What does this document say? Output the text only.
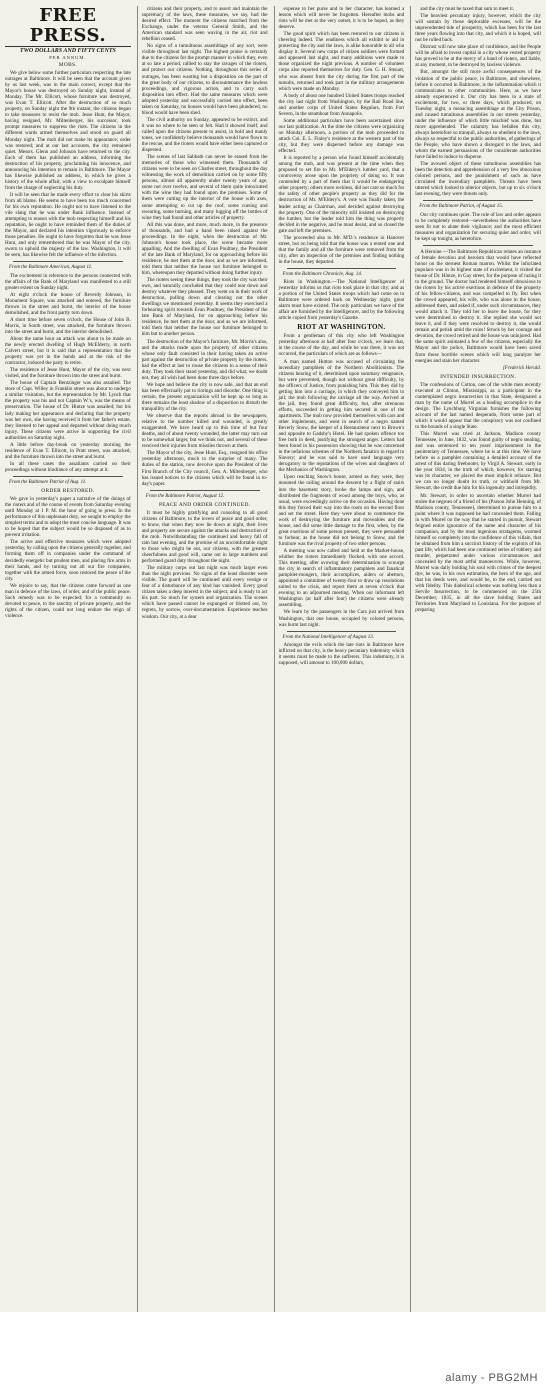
FREE PRESS.
TWO DOLLARS AND FIFTY CENTS
PER ANNUM.
MOBS.

We give below some further particulars respecting the late outrages at Baltimore. It will be seen that the account given by us last week, was in the main correct, except that the Mayor's house was destroyed on Sunday night, instead of Monday. The Mr. Ellicott, whose furniture was destroyed, was Evan T. Ellicott. After the destruction of so much property, on Sunday night the 9th instant, the citizens began to take measures to resist the mob. Jesse Hunt, the Mayor, having resigned, Mr. Miltenberger, his successor, took prompt measures to suppress the riots. The citizens in the different wards armed themselves and stood on guard all Monday night. The mob did not make its appearance; order was restored; and at our last accounts, the city remained quiet. Messrs. Glenn and Johnson have returned to the city. Each of them has published an address, informing the destruction of his property, proclaiming his innocence, and announcing his intention to remain in Baltimore. The Mayor has likewise published an address, in which he gives a history of the whole affair, with a view to exculpate himself from the charge of neglecting his duty.

It will be seen that he made every effort to clear his skirts from all blame. He seems to have been too much concerned for his own reputation. He ought not to have listened to the vile slang that he was under Bank influence. Instead of attempting to reason with the mob respecting himself and his reputation, he ought to have reminded them of the duties of the Mayor, and declared his intention vigorously to enforce those penalties. He ought to have forgotten that he was Jesse Hunt, and only remembered that he was Mayor of the city, sworn to uphold the majesty of the law. Washington, it will be seen, has likewise felt the influence of the infection.

From the Baltimore American, August 11.

The excitement in reference to the persons connected with the affairs of the Bank of Maryland was manifested to a still greater extent on Sunday night.

At eight o'clock the house of Reverdy Johnson, in Monument Square, was attacked and entered, the furniture thrown in the street and burnt, the interior of the house demolished, and the front partly torn down.

A short time before seven o'clock, the House of John B. Morris, in South street, was attacked, the furniture thrown into the street and burnt, and the interior demolished.

About the same hour an attack was about to be made on the newly erected dwelling of Hugh McElderry, in north Calvert street, but it is said that a representation that the property was yet in the hands and at the risk of the contractor, induced the party to retire.

The residence of Jesse Hunt, Mayor of the city, was next visited, and the furniture thrown into the street and burnt.

The house of Captain Bentzinger was also assailed. The store of Capt. Willey in Franklin street was about to undergo a similar visitation, but the representation by Mr. Lynch that the property was his and not Captain W.'s, was the means of preservation. The house of Dr. Hintze was assailed; but his lady making her appearance and declaring that the property was her own, she having received it from her father's estate, they listened to her appeal and departed without doing much injury. These citizens were active in supporting the civil authorities on Saturday night.

A little before day-break on yesterday morning the residence of Evan T. Ellicott, in Pratt street, was attacked, and the furniture thrown into the street and burnt.

In all these cases the assailants carried on their proceedings without hindrance of any attempt at it.

From the Baltimore Patriot of Aug. 11.
ORDER RESTORED.

We gave in yesterday's paper a narrative of the doings of the rioters and of the course of events from Saturday evening until Monday at 1 P. M. the hour of going to press. In the performance of this unpleasant duty, we sought to employ the simplest terms and to adopt the most concise language. It was to be hoped that the subject would be so disposed of as to prevent irritation.

The active and effective measures which were adopted yesterday, by calling upon the citizens generally together, and forming them off in companies under the command of decidedly energetic but prudent men, and placing fire arms in their hands, and by turning out all our fire companies, together with the armed force, soon restored the peace of the city.

We rejoice to say, that the citizens came forward as one man in defence of the laws, of order, and of the public peace. Such remedy was to be expected; for a community so devoted to peace, to the sanctity of private property, and the rights of the citizen, could not long endure the reign of violence.

citizens and their property, and to assert and maintain the supremacy of the laws, these measures, we say, had the desired effect. The moment the citizens marched from the Exchange, under the veteran General Smith, and the American standard was seen waving in the air, riot and rebellion ceased.

No signs of a tumultuous assemblage of any sort, were visible throughout last night. The highest praise is certainly due to the citizens for the prompt manner in which they, even at so late a period, rallied to stay the ravages of the rioters, and protect our citizens. Nothing, throughout this series of outrages, has been wanting but a disposition on the part of the great body of our citizens, to discountenance the lawless proceedings, and vigorous action, and to carry such disposition into effect. Had the same measures which were adopted yesterday and successfully carried into effect, been taken on Saturday, no houses would have been plundered, no blood would have been shed.

The civil authority on Sunday, appeared to be extinct, and it was no where to be seen or felt. Had it showed itself, and called upon the citizens present to assist, in bold and manly tones, we confidently believe thousands would have flown to the rescue, and the rioters would have either been captured or dispersed.

The scenes of last Sabbath can never be erased from the memories of those who witnessed them. Thousands of citizens were to be seen on Charles street, throughout the day witnessing the work of demolition carried on by some fifty persons, almost all apparently under twenty years of age, some not over twelve, and several of them quite intoxicated with the wine they had found upon the premises. Some of them were cutting up the interior of the house with axes, some attempting to cut up the roof, some cursing and swearing, some burning, and many lugging off the bottles of wine they had found and other articles of property.

All this was done, and more, much more, in the presence of thousands, and had a hand been raised against the proceedings. In the night, when the destruction of Mr. Johnson's house took place, the scene became more appalling. And the dwelling of Evan Poultney, the President of the late Bank of Maryland, for on approaching before his residence, he met them at the door, and as we are informed, told them that neither the house nor furniture belonged to him, whereupon they departed without doing further injury.

The rioters seeing these things, they took the city was their own, and naturally concluded that they could tear down and destroy whatever they pleased. They went on in their work of destruction, pulling down and clearing out the other dwellings we mentioned yesterday. It seems they exercised a forbearing spirit towards Evan Poultney, the President of the late Bank of Maryland, for on approaching before his residence, he met them at the door, and as we are informed, told them that neither the house nor furniture belonged to him but to another person.

The destruction of the Mayor's furniture, Mr. Morris's also, and the attacks made upon the property of other citizens whose only fault consisted in their having taken an active part against the destruction of private property by the rioters, had the effect at last to rouse the citizens to a sense of their duty. They took their stand yesterday, and did what, we doubt not, they all wish had been done three days before.

We hope and believe the city is now safe, and that an end has been effectually put to riotings and disorder. One thing is certain, the present organization will be kept up so long as there remains the least shadow of a disposition to disturb the tranquillity of the city.

We observe that the reports abroad in the newspapers, relative to the number killed and wounded, is greatly exaggerated. We have heard up to this time of but four deaths, and of about twenty wounded, the latter may turn out to be somewhat larger, but we think not, and several of these received their injuries from missiles thrown at them.

The Mayor of the city, Jesse Hunt, Esq., resigned his office yesterday afternoon, much to the surprise of many. The duties of the station, now devolve upon the President of the First Branch of the City council, Gen. A. Miltenberger, who has issued notices to the citizens which will be found in to-day's paper.

From the Baltimore Patriot, August 12.
PEACE AND ORDER CONTINUED.

It must be highly gratifying and consoling to all good citizens of Baltimore, to the lovers of peace and good order, to know, that when they now lie down at night, their lives and property are secure against the attacks and destruction of the mob. Notwithstanding the continued and heavy fall of rain last evening, and the promise of an uncomfortable night to those who might be out, our citizens, with the greatest cheerfulness and good will, came out in large numbers and performed guard duty throughout the night.

The military corps out last night was much larger even than the night previous. No signs of the least disorder were visible. The guard will be continued until every vestige or fear of a disturbance of any kind has vanished. Every good citizen takes a deep interest in the subject, and is ready to act his part. So much for system and organization. The scenes which have passed cannot be expunged or blotted out, by regrets, by sorrow, over-documentation. Experience teaches wisdom. Our city, at a dear

expense to her purse and to her character, has learned a lesson which will never be forgotten. Hereafter mobs and riots will be met at the very outset, it is to be hoped, as they deserve.

The good spirit which has been restored to our citizens is cheering indeed. The readiness which all exhibit to aid in protecting the city and the laws, is alike honorable to all who display it. Several new corps of citizen soldiers were formed and appeared last night, and many additions were made to those organized the night previous. A number of volunteer corps also reported themselves for duty. Gen. G. H. Steuart, who was absent from the city during the first part of the tumults, returned and took part in the military arrangements which were made on Monday.

A body of about one hundred United States troops reached the city last night from Washington, by the Rail Road line, and another corps of United States Regulars, from Fort Severn, in the steamboat from Annapolis.

Some additional particulars have been ascertained since our last publication. At the time the citizens were organizing on Monday afternoon, a portion of the mob proceeded to attack Col. E. L. Finley's residence at the western part of the city, but they were dispersed before any damage was effected.

It is reported by a person who found himself accidentally among the mob, and was present at the time when they proposed to set fire to Mr. M'Eldery's lumber yard, that a controversy arose upon the propriety of doing so. It was contended by a part of them that it would be endangering other property; others more reckless, did not care so much for the safety of other people's property as they did for the destruction of Mr. M'Eldery's. A vote was finally taken, the leader acting as Chairman, and decided against destroying the property. One of the minority still insisted on destroying the lumber, but the leader told him the thing was properly decided in the negative, and he must desist, and so closed the gate and left the premises.

The proceeded also to Mr. M'D.'s residence in Hanover street, but on being told that the house was a rented one and that the family and all the furniture were removed from the city, after an inspection of the premises and finding nothing in the house, they departed.

From the Baltimore Chronicle, Aug. 14.

Riots in Washington.—The National Intelligencer of yesterday informs us that riots took place in that city; and as a portion of the United States troops which had come on to Baltimore were ordered back on Wednesday night, great alarm must have existed. The only particulars we have of the affair are furnished by the Intelligencer, and by the following article copied from yesterday's Gazette.

RIOT AT WASHINGTON.

From a gentleman of this city who left Washington yesterday afternoon at half after four o'clock, we learn that, in the course of the day, and while he was there, it was not occurred, the particulars of which are as follows—

A man named Hutton was accused of circulating the incendiary pamphlets of the Northern Abolitionists. The citizens hearing of it, determined upon summary vengeance, but were prevented, though not without great difficulty, by the officers of Justice, from punishing him. This they did by getting him into a carriage, in which they conveyed him to jail; the mob following the carriage all the way. Arrived at the jail, they found great difficulty, but, after strenuous efforts, succeeded in getting him secured in one of the apartments. The mob now provided themselves with cars and other implements, and went in search of a negro named Beverly Snow, the keeper of a Restaurateur next to Brown's and opposite to Gadsby's Hotel. He had spoken offence too free both in deed, justifying the strongest anger. Letters had been found in his possession showing that he was concerned in the nefarious schemes of the Northern fanatics in regard to Slavery; and he was said to have used language very derogatory to the reputations of the wives and daughters of the Mechanics of Washington.

Upon reaching Snow's house, armed as they were, they mounted the railing around the descent by a flight of stairs into the basement story, broke the lamps and sign, and distributed the fragments of wood among the boys, who, as usual, were exceedingly active on the occasion. Having done this they forced their way into the room on the second floor and set the street. Here they were about to commence the work of destroying the furniture and moveables and the house, and did some little damage to the first, when, by the great exertions of some person present, they were persuaded to forbear, as the house did not belong to Snow, and the furniture was the rival property of two other persons.

A meeting was now called and held at the Market-house, whither the rioters immediately flocked, with one accord. This meeting, after avowing their determination to scourge the city in search of inflammatory pamphlets and fanatical pamphlet-mongers, their accomplices, aiders or abettors, appointed a committee of twenty-four to draw up resolutions suited to the crisis, and report them at seven o'clock that evening to an adjourned meeting. When our informant left Washington (at half after four) the citizens were already assembling.

We learn by the passengers in the Cars just arrived from Washington, that one house, occupied by colored persons, was burnt last night.

From the National Intelligencer of August 13.

Amongst the evils which the late riots in Baltimore have inflicted on that city, is the heavy pecuniary indemnity which it seems must be made to the sufferers. This indemnity, it is supposed, will amount to 100,000 dollars,

and the city must be taxed that sum to meet it.

The heaviest pecuniary injury, however, which the city will sustain by those deplorable excesses, will be the unprecedented tide of prosperity, which has been for the last three years flowing into that city, and which it is hoped, will not be rolled back.

Distrust will now take place of confidence, and the People will be afraid to invest capital in a city whose vested property has proved to be at the mercy of a band of rioters, and liable, at any moment, to be destroyed by lawless violence.

But, amongst the still more awful consequences of the violation of the public peace, in Baltimore, and elsewhere, before it occurred in Baltimore, is the inflammation which it communicates to other communities. Here, as we have already experienced it. Our city has been in a state of excitement, for two, or three days, which produced, on Tuesday night, a menacing assemblage at the City Prison, and caused tumultuous assemblies in our streets yesterday, under the influence of which little mischief was done, but more apprehended. The calamity has befallen this city, always heretofore so tranquil, always so obedient to the laws, always so respectful to the public authorities, of gatherings of the People, who have shown a disregard to the laws, and whom the earnest persuasions of the considerate authorities have failed to induce to disperse.

The avowed object of these tumultuous assemblies has been the detection and apprehension of a very few obnoxious colored persons, and the punishment of such as have circulated the incendiary pamphlets. Threats have been uttered which looked to ulterior objects, but up to six o'clock last evening, they were threats only.

From the Baltimore Patriot, of August 15.

Our city continues quiet. The rule of law and order appears to be completely restored—nevertheless the authorities have seen fit not to abate their vigilance; and the most efficient measures and organization for securing quiet and order, will be kept up tonight, as heretofore.

A Heroine.—The Baltimore Republican relates an instance of female devotion and heroism that would have reflected honor on the sternest Roman matron. Whilst the infuriated populace was in its highest state of excitement, it visited the house of Dr. Hintze, in Gay street, for the purpose of razing it to the ground. The doctor had rendered himself obnoxious to the rioters by his active exertions in defence of the property of his fellow-citizens, and was compelled to fly. But when the crowd appeared, his wife, who was alone in the house, addressed them, and asked if, under such circumstances, they would attack it. They told her to leave the house, for they were determined to destroy it. She replied she would not leave it, and if they were resolved to destroy it, she would remain and perish amid the ruins! Struck by her courage and devotion, the crowd retired and the house was uninjured. Had the same spirit animated a few of the citizens, especially the Mayor and the police, Baltimore would have been saved from those horrible scenes which will long paralyze her energies and stain her character.

[Frederick Herald.
INTENDED INSURRECTION.

The confessions of Cotton, one of the white men recently executed at Clinton, Mississippi, as a participant in the contemplated negro insurrection in that State, designated a man by the name of Murrel as a leading accomplice in the design. The Lynchburg Virginian furnishes the following account of the last named desperado, from some part of which it would appear that the conspiracy was not confined to the bounds of a single State.

This Murrel was tried at Jackson, Madison county Tennessee, in June, 1832, was found guilty of negro stealing, and was sentenced to ten years' imprisonment in the penitentiary of Tennessee, where he is at this time. We have before us a pamphlet containing a detailed account of the arrest of this daring freebooter, by Virgil A. Stewart, early in the year 1834, in the truth of which, however, for starting was its character, we placed the most implicit reliance. But we can no longer doubt its truth, or withhold from Mr. Stewart, the credit due him for his ingenuity and intrepidity.

Mr. Stewart, in order to ascertain whether Murrel had stolen the negroes of a friend of his (Parson John Henning, of Madison county, Tennessee), determined to pursue him to a point where it was supposed he had concealed them. Falling in with Murrel on the way that he started in pursuit, Stewart feigned entire ignorance of the name and character of his companion, and by the most ingenious stratagems, wormed himself so completely into the confidence of this villain, that he obtained from him a succinct history of the exploits of his past life, which had been one continued series of robbery and murder, perpetrated under various circumstances and concealed by the most artful manoeuvres. While, however, Murrel was daily holding his soul with crimes of the deepest dye, he was, in his own estimation, the hero of the age, and that his deeds were, and would be, to the end, carried out with fidelity. This diabolical scheme was nothing less than a Servile Insurrection, to be commenced on the 25th December, 1835, in all the slave holding States and Territories from Maryland to Louisiana. For the purpose of preparing

alamy - PBG2MH
